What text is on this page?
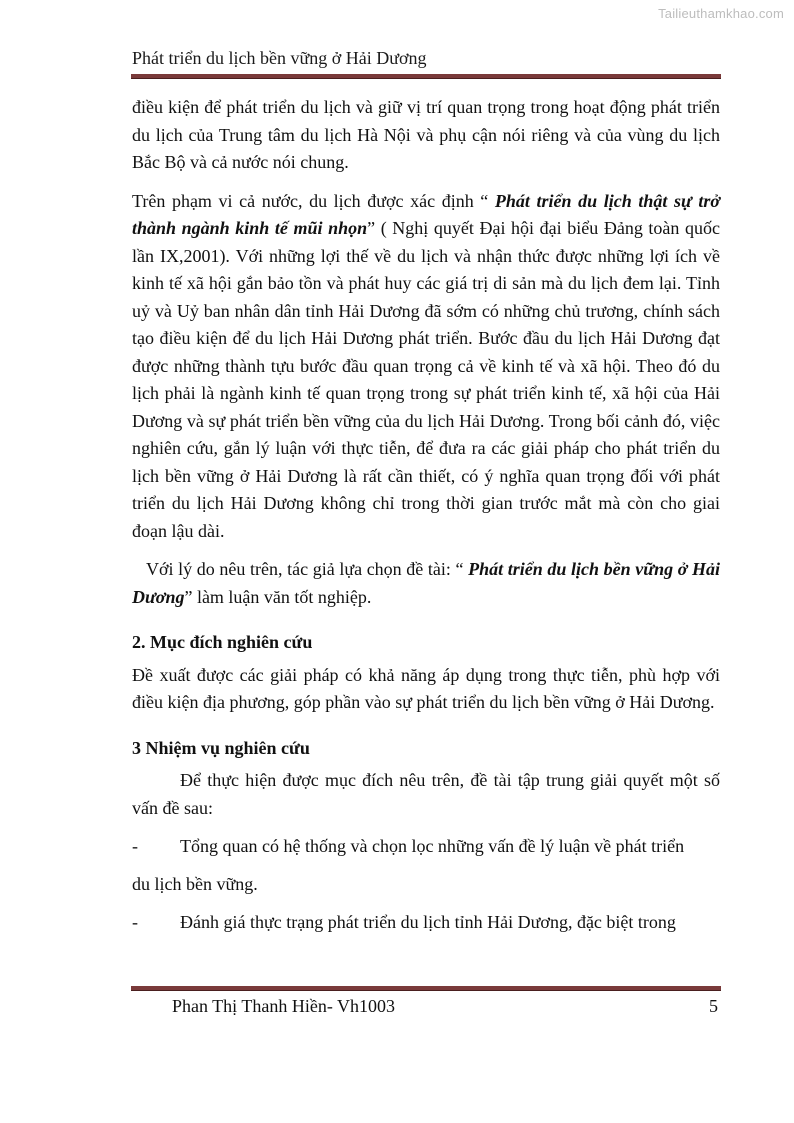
Tailieuthamkhao.com
Phát triển du lịch bền vững ở Hải Dương

điều kiện để phát triển du lịch và giữ vị trí quan trọng trong hoạt động phát triển du lịch của Trung tâm du lịch Hà Nội và phụ cận nói riêng và của vùng du lịch Bắc Bộ và cả nước nói chung.

Trên phạm vi cả nước, du lịch được xác định “ Phát triển du lịch thật sự trở thành ngành kinh tế mũi nhọn” ( Nghị quyết Đại hội đại biểu Đảng toàn quốc lần IX,2001). Với những lợi thế về du lịch và nhận thức được những lợi ích về kinh tế xã hội gắn bảo tồn và phát huy các giá trị di sản mà du lịch đem lại. Tỉnh uỷ và Uỷ ban nhân dân tỉnh Hải Dương đã sớm có những chủ trương, chính sách tạo điều kiện để du lịch Hải Dương phát triển. Bước đầu du lịch Hải Dương đạt được những thành tựu bước đầu quan trọng cả về kinh tế và xã hội. Theo đó du lịch phải là ngành kinh tế quan trọng trong sự phát triển kinh tế, xã hội của Hải Dương và sự phát triển bền vững của du lịch Hải Dương. Trong bối cảnh đó, việc nghiên cứu, gắn lý luận với thực tiễn, để đưa ra các giải pháp cho phát triển du lịch bền vững ở Hải Dương là rất cần thiết, có ý nghĩa quan trọng đối với phát triển du lịch Hải Dương không chỉ trong thời gian trước mắt mà còn cho giai đoạn lậu dài.

Với lý do nêu trên, tác giả lựa chọn đề tài: “ Phát triển du lịch bền vững ở Hải Dương” làm luận văn tốt nghiệp.

2. Mục đích nghiên cứu

Đề xuất được các giải pháp có khả năng áp dụng trong thực tiễn, phù hợp với điều kiện địa phương, góp phần vào sự phát triển du lịch bền vững ở Hải Dương.

3 Nhiệm vụ nghiên cứu

Để thực hiện được mục đích nêu trên, đề tài tập trung giải quyết một số vấn đề sau:

-	Tổng quan có hệ thống và chọn lọc những vấn đề lý luận về phát triển

du lịch bền vững.

-	Đánh giá thực trạng phát triển du lịch tỉnh Hải Dương, đặc biệt trong

Phan Thị Thanh Hiền- Vh1003	5
